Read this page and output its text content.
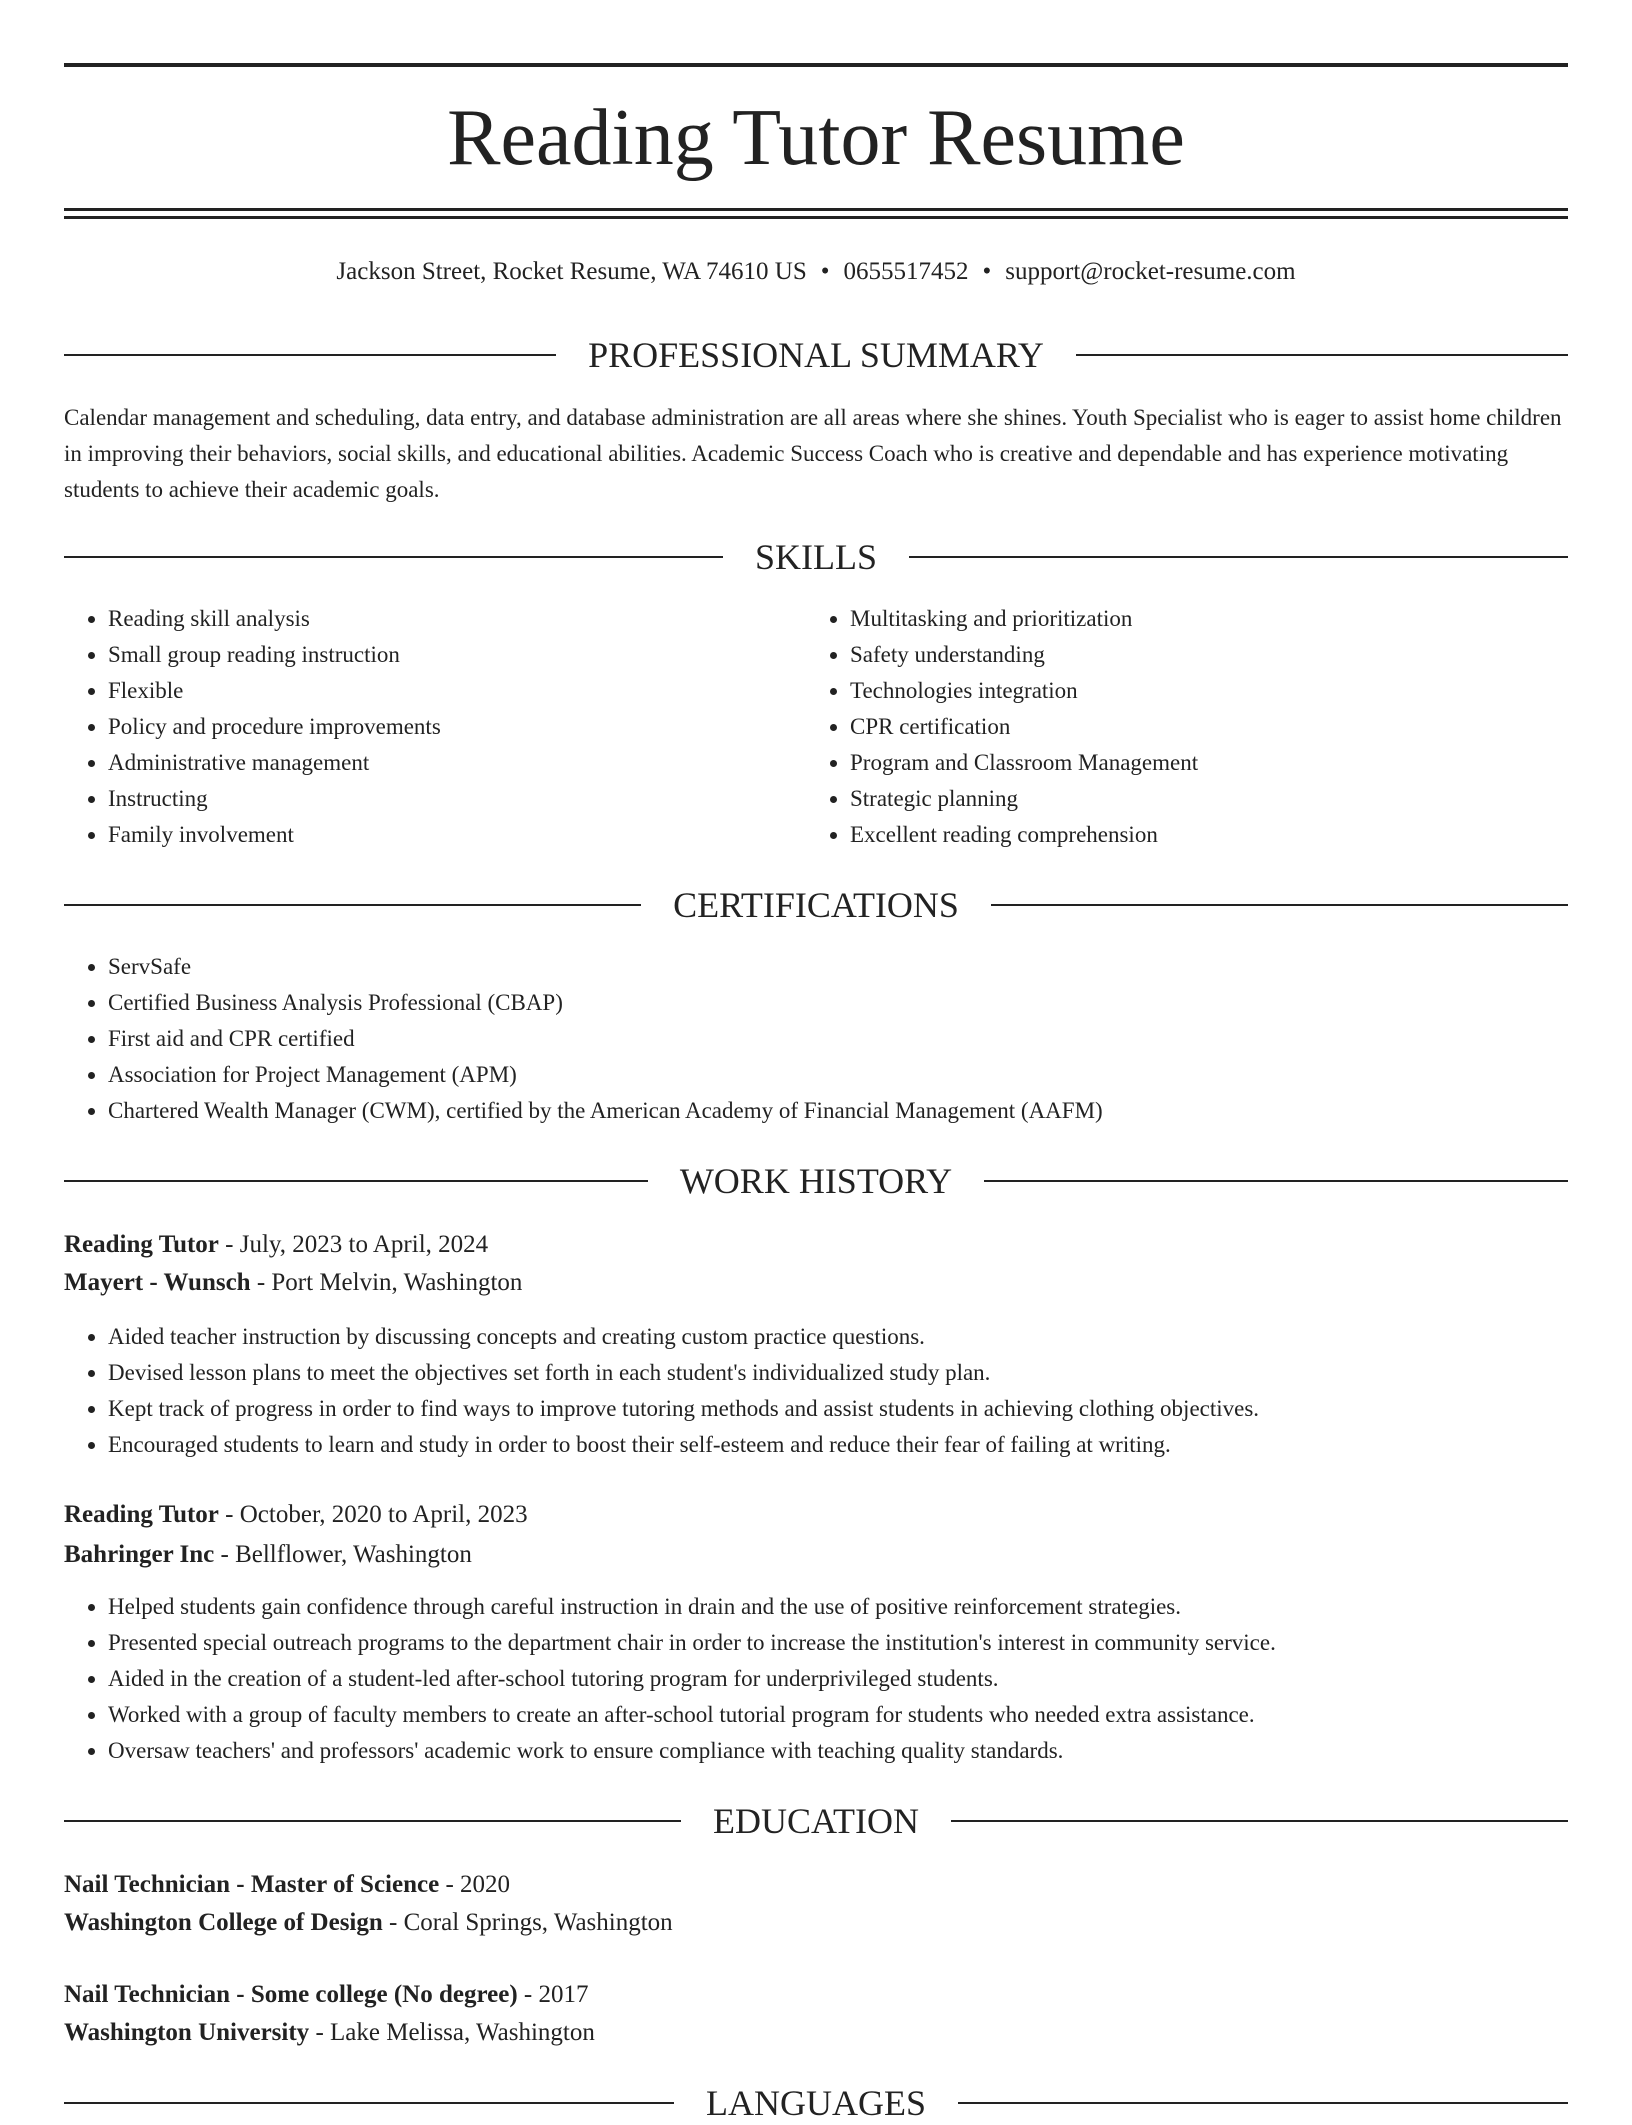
Reading Tutor Resume
Jackson Street, Rocket Resume, WA 74610 US • 0655517452 • support@rocket-resume.com
PROFESSIONAL SUMMARY
Calendar management and scheduling, data entry, and database administration are all areas where she shines. Youth Specialist who is eager to assist home children in improving their behaviors, social skills, and educational abilities. Academic Success Coach who is creative and dependable and has experience motivating students to achieve their academic goals.
SKILLS
• Reading skill analysis
• Small group reading instruction
• Flexible
• Policy and procedure improvements
• Administrative management
• Instructing
• Family involvement
• Multitasking and prioritization
• Safety understanding
• Technologies integration
• CPR certification
• Program and Classroom Management
• Strategic planning
• Excellent reading comprehension
CERTIFICATIONS
• ServSafe
• Certified Business Analysis Professional (CBAP)
• First aid and CPR certified
• Association for Project Management (APM)
• Chartered Wealth Manager (CWM), certified by the American Academy of Financial Management (AAFM)
WORK HISTORY
Reading Tutor - July, 2023 to April, 2024
Mayert - Wunsch - Port Melvin, Washington
• Aided teacher instruction by discussing concepts and creating custom practice questions.
• Devised lesson plans to meet the objectives set forth in each student's individualized study plan.
• Kept track of progress in order to find ways to improve tutoring methods and assist students in achieving clothing objectives.
• Encouraged students to learn and study in order to boost their self-esteem and reduce their fear of failing at writing.
Reading Tutor - October, 2020 to April, 2023
Bahringer Inc - Bellflower, Washington
• Helped students gain confidence through careful instruction in drain and the use of positive reinforcement strategies.
• Presented special outreach programs to the department chair in order to increase the institution's interest in community service.
• Aided in the creation of a student-led after-school tutoring program for underprivileged students.
• Worked with a group of faculty members to create an after-school tutorial program for students who needed extra assistance.
• Oversaw teachers' and professors' academic work to ensure compliance with teaching quality standards.
EDUCATION
Nail Technician - Master of Science - 2020
Washington College of Design - Coral Springs, Washington
Nail Technician - Some college (No degree) - 2017
Washington University - Lake Melissa, Washington
LANGUAGES
